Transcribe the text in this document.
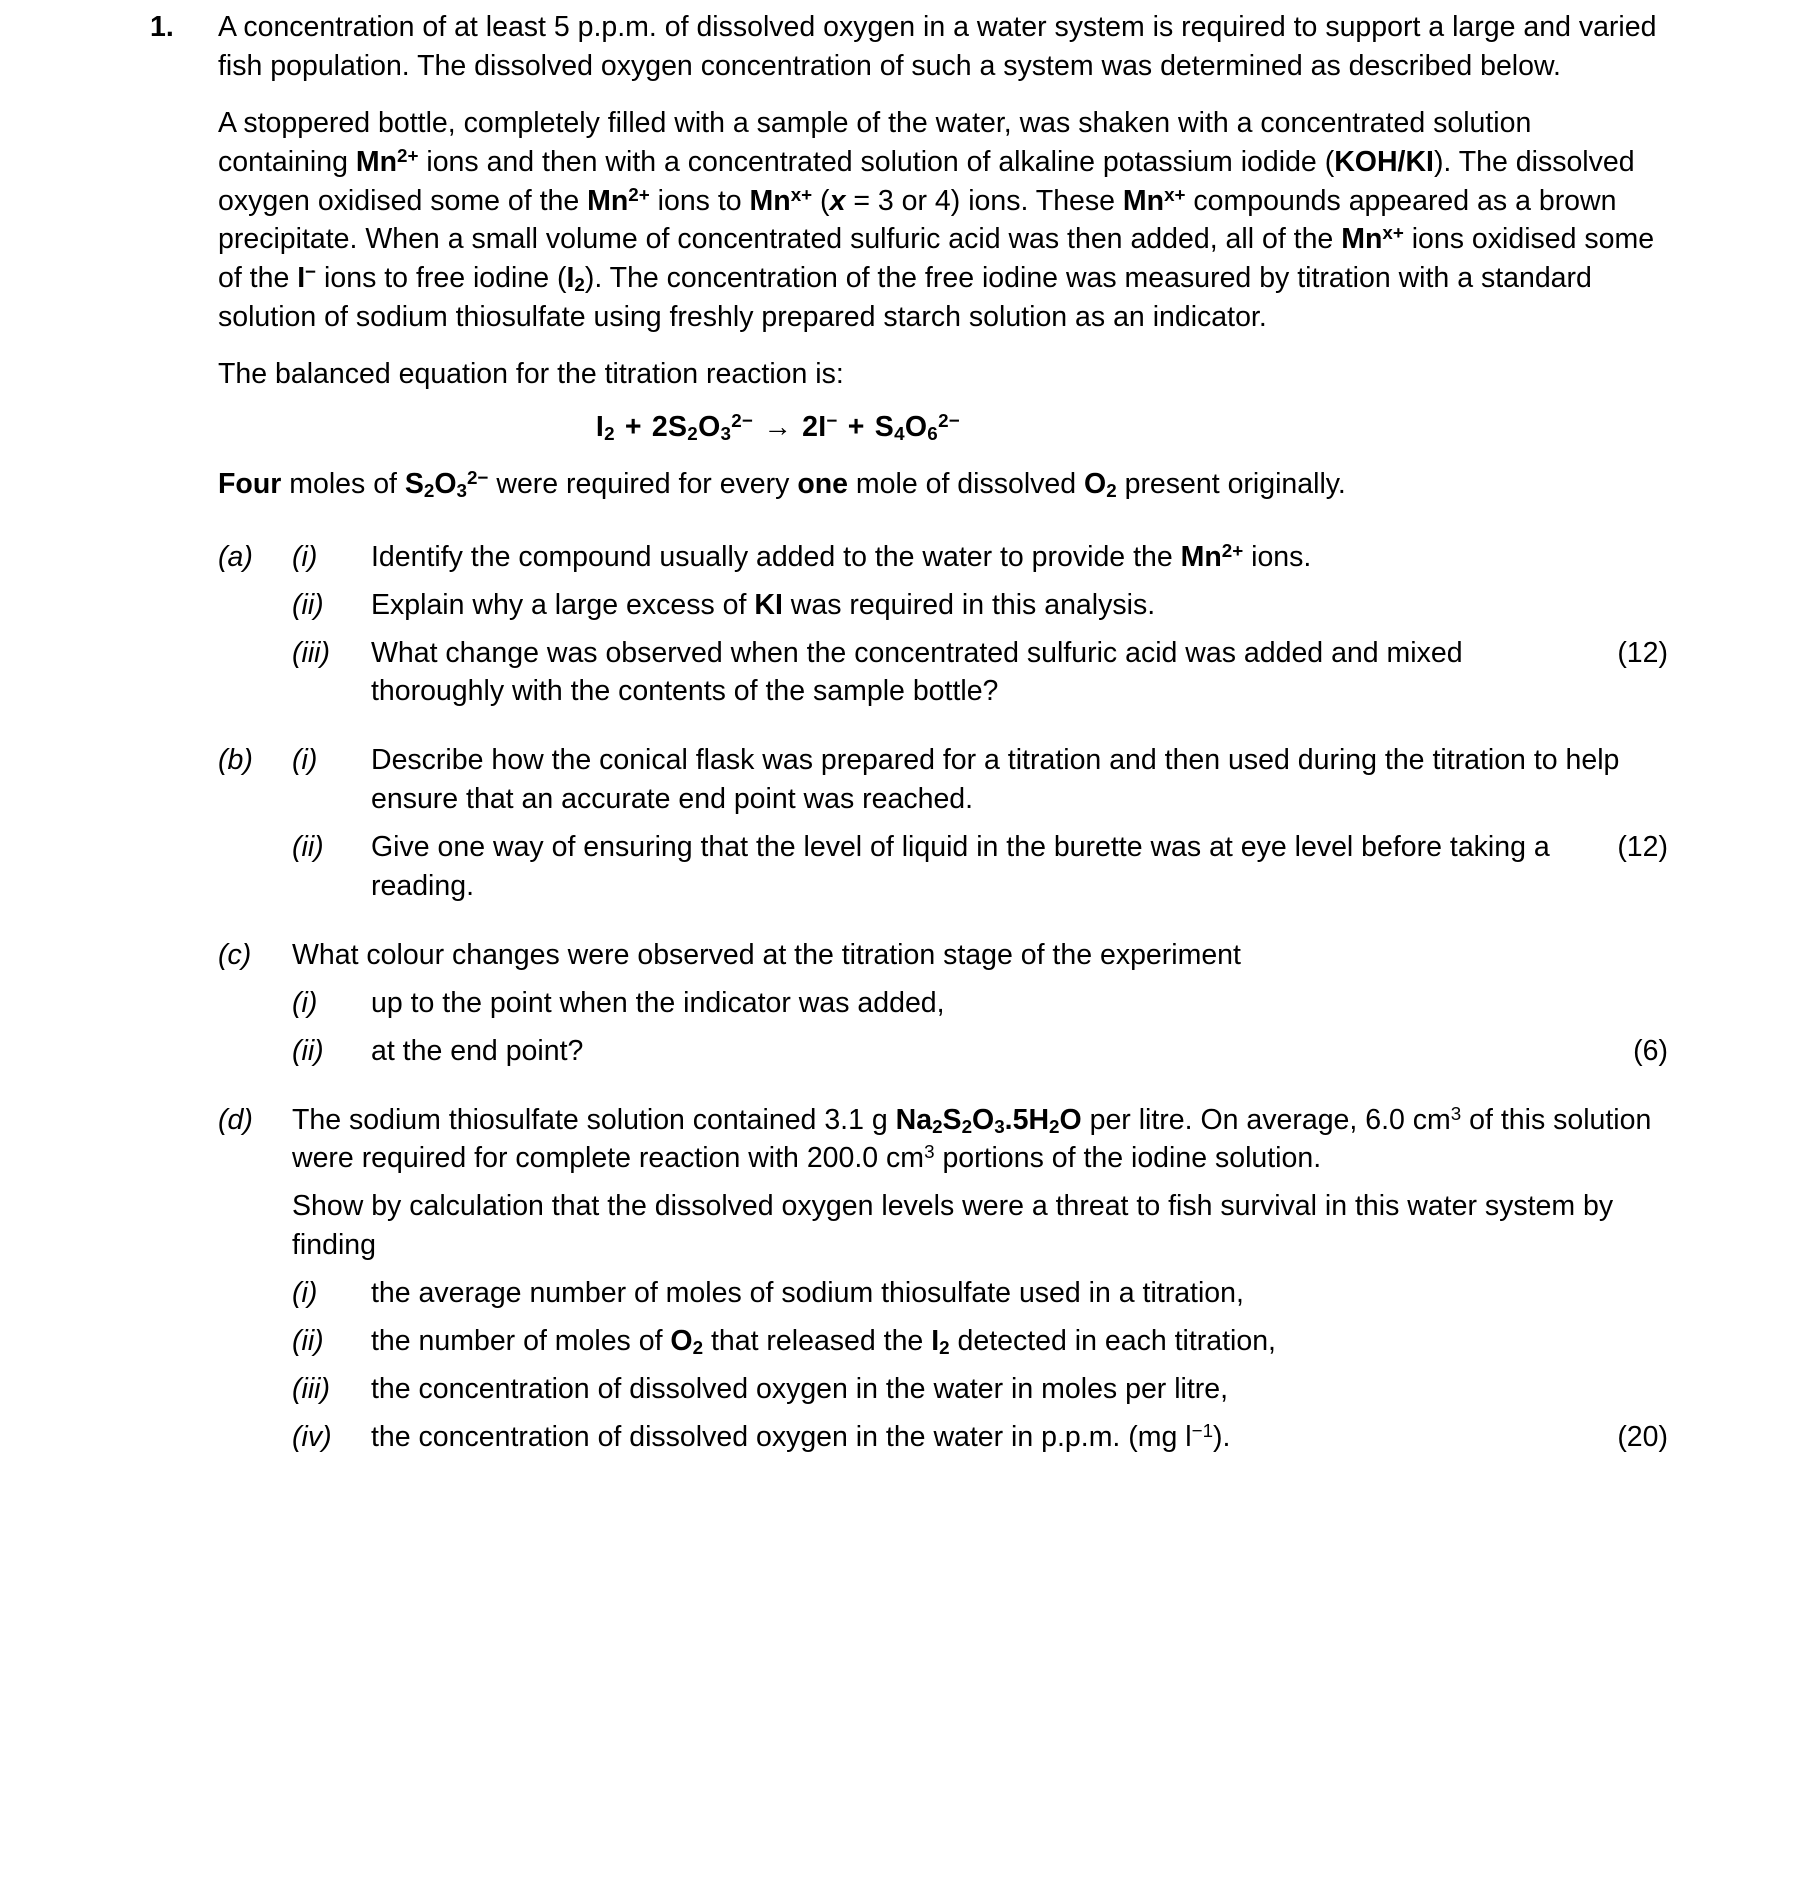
1.	A concentration of at least 5 p.p.m. of dissolved oxygen in a water system is required to support a large and varied fish population. The dissolved oxygen concentration of such a system was determined as described below.

A stoppered bottle, completely filled with a sample of the water, was shaken with a concentrated solution containing $Mn^{2+}$ ions and then with a concentrated solution of alkaline potassium iodide (KOH/KI). The dissolved oxygen oxidised some of the $Mn^{2+}$ ions to $Mn^{x+}$ (x = 3 or 4) ions. These $Mn^{x+}$ compounds appeared as a brown precipitate. When a small volume of concentrated sulfuric acid was then added, all of the $Mn^{x+}$ ions oxidised some of the I− ions to free iodine $(I_2)$. The concentration of the free iodine was measured by titration with a standard solution of sodium thiosulfate using freshly prepared starch solution as an indicator.

The balanced equation for the titration reaction is:

$I_2 + 2S_2O_3^{2-} \to 2I^- + S_4O_6^{2-}$

Four moles of $S_2O_3^{2-}$ were required for every one mole of dissolved $O_2$ present originally.

(a)	(i)	Identify the compound usually added to the water to provide the $Mn^{2+}$ ions.
(ii)	Explain why a large excess of KI was required in this analysis.
(iii)	(12)
What change was observed when the concentrated sulfuric acid was added and mixed thoroughly with the contents of the sample bottle?
(b)	(i)	Describe how the conical flask was prepared for a titration and then used during the titration to help ensure that an accurate end point was reached.
(ii)	(12)
Give one way of ensuring that the level of liquid in the burette was at eye level before taking a reading.
(c)	What colour changes were observed at the titration stage of the experiment
(i)	up to the point when the indicator was added,
(ii)	(6)
at the end point?
(d)	The sodium thiosulfate solution contained 3.1 g $Na_2S_2O_3.5H_2O$ per litre. On average, 6.0 $cm^3$ of this solution were required for complete reaction with 200.0 $cm^3$ portions of the iodine solution.
Show by calculation that the dissolved oxygen levels were a threat to fish survival in this water system by finding
(i)	the average number of moles of sodium thiosulfate used in a titration,
(ii)	the number of moles of $O_2$ that released the $I_2$ detected in each titration,
(iii)	the concentration of dissolved oxygen in the water in moles per litre,
(iv)	(20)
the concentration of dissolved oxygen in the water in p.p.m. (mg $l^{-1}$).
